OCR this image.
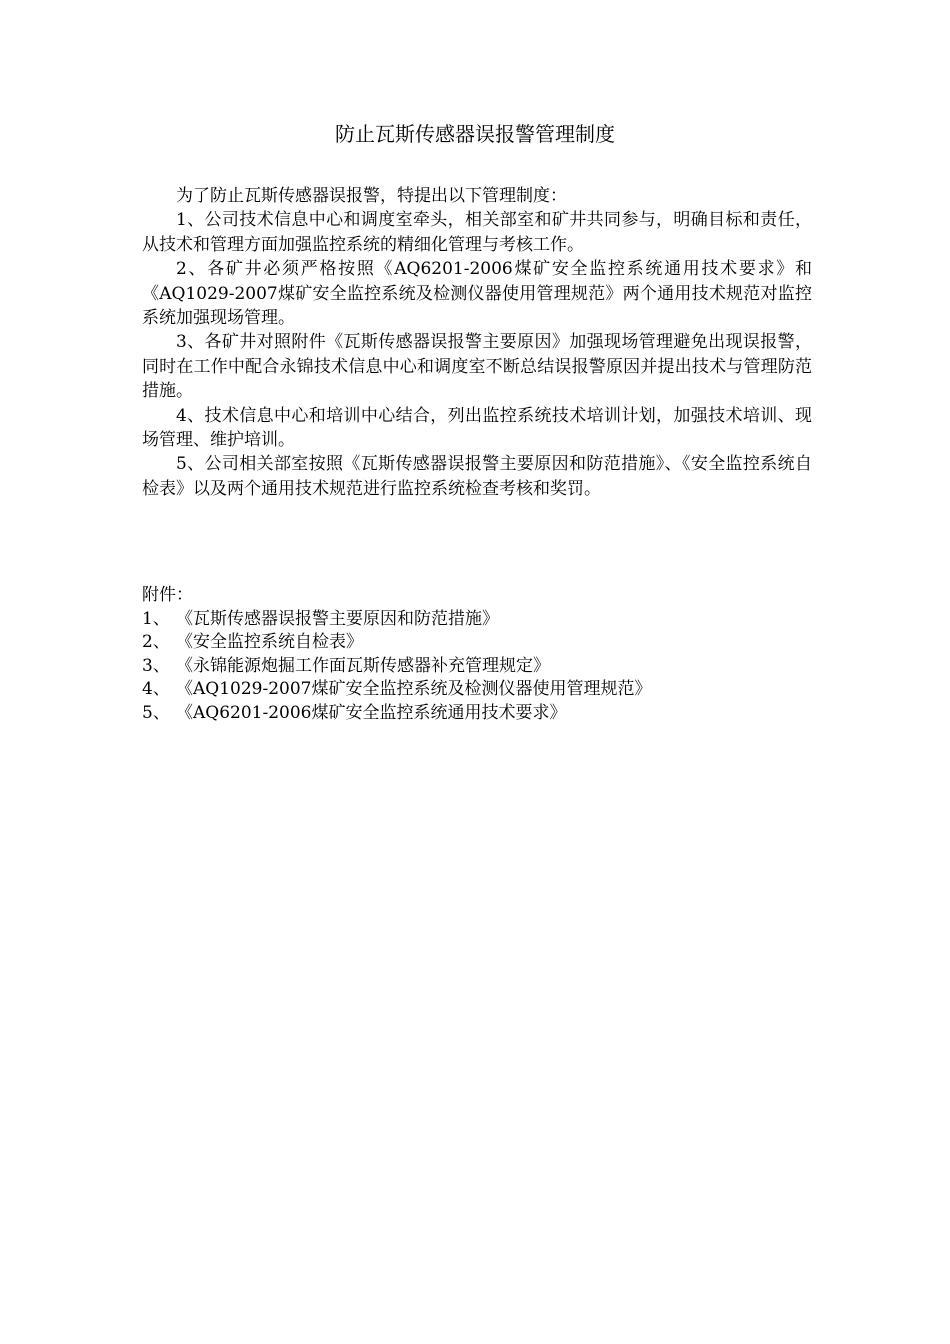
防止瓦斯传感器误报警管理制度

为了防止瓦斯传感器误报警，特提出以下管理制度：

1、公司技术信息中心和调度室牵头，相关部室和矿井共同参与，明确目标和责任，从技术和管理方面加强监控系统的精细化管理与考核工作。

2、各矿井必须严格按照《AQ6201-2006煤矿安全监控系统通用技术要求》和《AQ1029-2007煤矿安全监控系统及检测仪器使用管理规范》两个通用技术规范对监控系统加强现场管理。

3、各矿井对照附件《瓦斯传感器误报警主要原因》加强现场管理避免出现误报警，同时在工作中配合永锦技术信息中心和调度室不断总结误报警原因并提出技术与管理防范措施。

4、技术信息中心和培训中心结合，列出监控系统技术培训计划，加强技术培训、现场管理、维护培训。

5、公司相关部室按照《瓦斯传感器误报警主要原因和防范措施》、《安全监控系统自检表》以及两个通用技术规范进行监控系统检查考核和奖罚。

附件：

1、 《瓦斯传感器误报警主要原因和防范措施》
2、 《安全监控系统自检表》
3、 《永锦能源炮掘工作面瓦斯传感器补充管理规定》
4、 《AQ1029-2007煤矿安全监控系统及检测仪器使用管理规范》
5、 《AQ6201-2006煤矿安全监控系统通用技术要求》
